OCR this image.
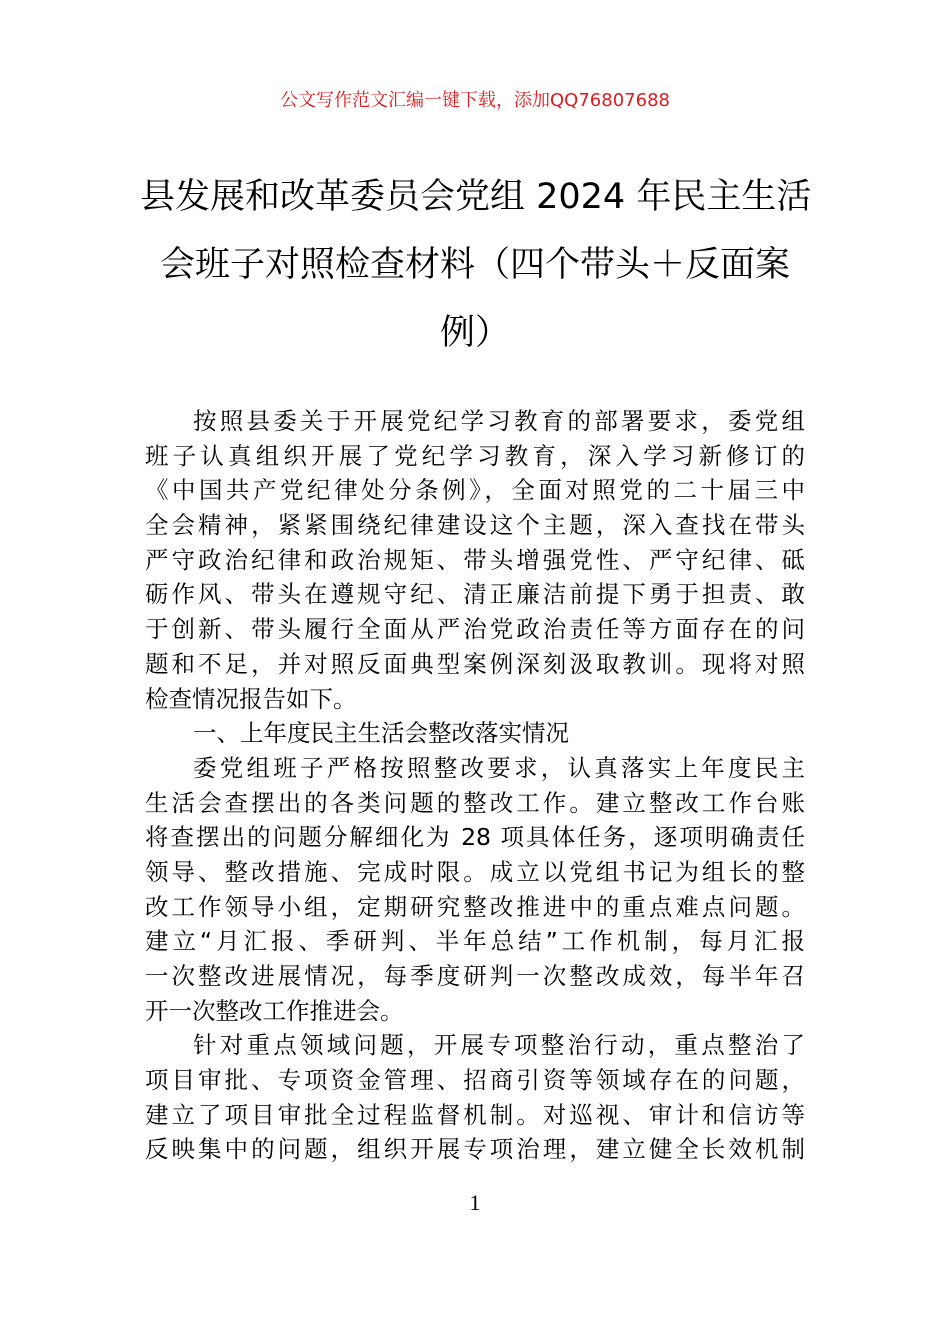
公文写作范文汇编一键下载，添加QQ76807688
县发展和改革委员会党组 2024 年民主生活
会班子对照检查材料（四个带头＋反面案
例）
按照县委关于开展党纪学习教育的部署要求，委党组
班子认真组织开展了党纪学习教育，深入学习新修订的
《中国共产党纪律处分条例》，全面对照党的二十届三中
全会精神，紧紧围绕纪律建设这个主题，深入查找在带头
严守政治纪律和政治规矩、带头增强党性、严守纪律、砥
砺作风、带头在遵规守纪、清正廉洁前提下勇于担责、敢
于创新、带头履行全面从严治党政治责任等方面存在的问
题和不足，并对照反面典型案例深刻汲取教训。现将对照
检查情况报告如下。
一、上年度民主生活会整改落实情况
委党组班子严格按照整改要求，认真落实上年度民主
生活会查摆出的各类问题的整改工作。建立整改工作台账
将查摆出的问题分解细化为 28 项具体任务，逐项明确责任
领导、整改措施、完成时限。成立以党组书记为组长的整
改工作领导小组，定期研究整改推进中的重点难点问题。
建立“月汇报、季研判、半年总结”工作机制，每月汇报
一次整改进展情况，每季度研判一次整改成效，每半年召
开一次整改工作推进会。
针对重点领域问题，开展专项整治行动，重点整治了
项目审批、专项资金管理、招商引资等领域存在的问题，
建立了项目审批全过程监督机制。对巡视、审计和信访等
反映集中的问题，组织开展专项治理，建立健全长效机制
1
